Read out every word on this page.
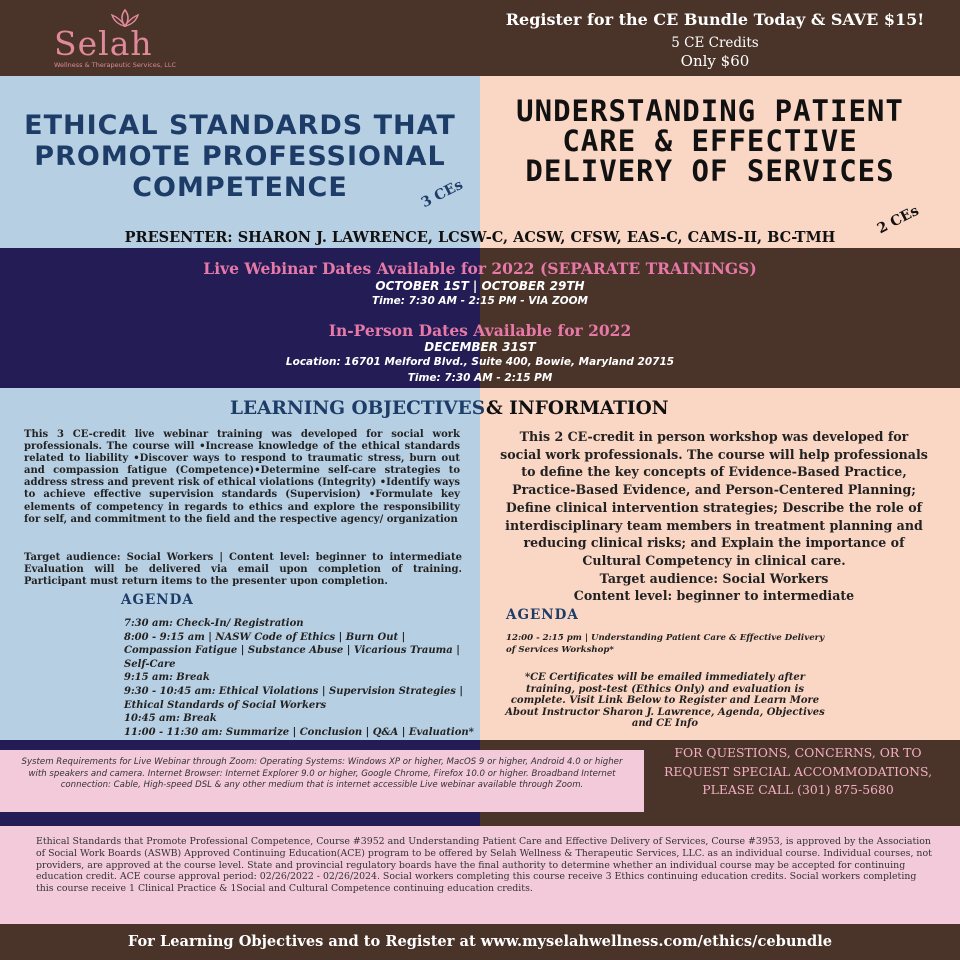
Selah
Wellness & Therapeutic Services, LLC
Register for the CE Bundle Today & SAVE $15!
5 CE Credits
Only $60
ETHICAL STANDARDS THAT PROMOTE PROFESSIONAL COMPETENCE
UNDERSTANDING PATIENT CARE & EFFECTIVE DELIVERY OF SERVICES
3 CEs
2 CEs
PRESENTER: SHARON J. LAWRENCE, LCSW-C, ACSW, CFSW, EAS-C, CAMS-II, BC-TMH
Live Webinar Dates Available for 2022 (SEPARATE TRAININGS)
OCTOBER 1ST | OCTOBER 29TH
Time: 7:30 AM - 2:15 PM - VIA ZOOM
In-Person Dates Available for 2022
DECEMBER 31ST
Location: 16701 Melford Blvd., Suite 400, Bowie, Maryland 20715
Time: 7:30 AM - 2:15 PM
LEARNING OBJECTIVES & INFORMATION
This 3 CE-credit live webinar training was developed for social work professionals. The course will •Increase knowledge of the ethical standards related to liability •Discover ways to respond to traumatic stress, burn out and compassion fatigue (Competence)•Determine self-care strategies to address stress and prevent risk of ethical violations (Integrity) •Identify ways to achieve effective supervision standards (Supervision) •Formulate key elements of competency in regards to ethics and explore the responsibility for self, and commitment to the field and the respective agency/ organization
Target audience: Social Workers | Content level: beginner to intermediate Evaluation will be delivered via email upon completion of training. Participant must return items to the presenter upon completion.
AGENDA
7:30 am: Check-In/ Registration
8:00 - 9:15 am | NASW Code of Ethics | Burn Out | Compassion Fatigue | Substance Abuse | Vicarious Trauma | Self-Care
9:15 am: Break
9:30 - 10:45 am: Ethical Violations | Supervision Strategies | Ethical Standards of Social Workers
10:45 am: Break
11:00 - 11:30 am: Summarize | Conclusion | Q&A | Evaluation*
This 2 CE-credit in person workshop was developed for social work professionals. The course will help professionals to define the key concepts of Evidence-Based Practice, Practice-Based Evidence, and Person-Centered Planning; Define clinical intervention strategies; Describe the role of interdisciplinary team members in treatment planning and reducing clinical risks; and Explain the importance of Cultural Competency in clinical care.
Target audience: Social Workers
Content level: beginner to intermediate
AGENDA
12:00 - 2:15 pm | Understanding Patient Care & Effective Delivery of Services Workshop*
*CE Certificates will be emailed immediately after training, post-test (Ethics Only) and evaluation is complete. Visit Link Below to Register and Learn More About Instructor Sharon J. Lawrence, Agenda, Objectives and CE Info
System Requirements for Live Webinar through Zoom: Operating Systems: Windows XP or higher, MacOS 9 or higher, Android 4.0 or higher with speakers and camera. Internet Browser: Internet Explorer 9.0 or higher, Google Chrome, Firefox 10.0 or higher. Broadband Internet connection: Cable, High-speed DSL & any other medium that is internet accessible Live webinar available through Zoom.
FOR QUESTIONS, CONCERNS, OR TO REQUEST SPECIAL ACCOMMODATIONS, PLEASE CALL (301) 875-5680
Ethical Standards that Promote Professional Competence, Course #3952 and Understanding Patient Care and Effective Delivery of Services, Course #3953, is approved by the Association of Social Work Boards (ASWB) Approved Continuing Education(ACE) program to be offered by Selah Wellness & Therapeutic Services, LLC. as an individual course. Individual courses, not providers, are approved at the course level. State and provincial regulatory boards have the final authority to determine whether an individual course may be accepted for continuing education credit. ACE course approval period: 02/26/2022 - 02/26/2024. Social workers completing this course receive 3 Ethics continuing education credits. Social workers completing this course receive 1 Clinical Practice & 1Social and Cultural Competence continuing education credits.
For Learning Objectives and to Register at www.myselahwellness.com/ethics/cebundle
